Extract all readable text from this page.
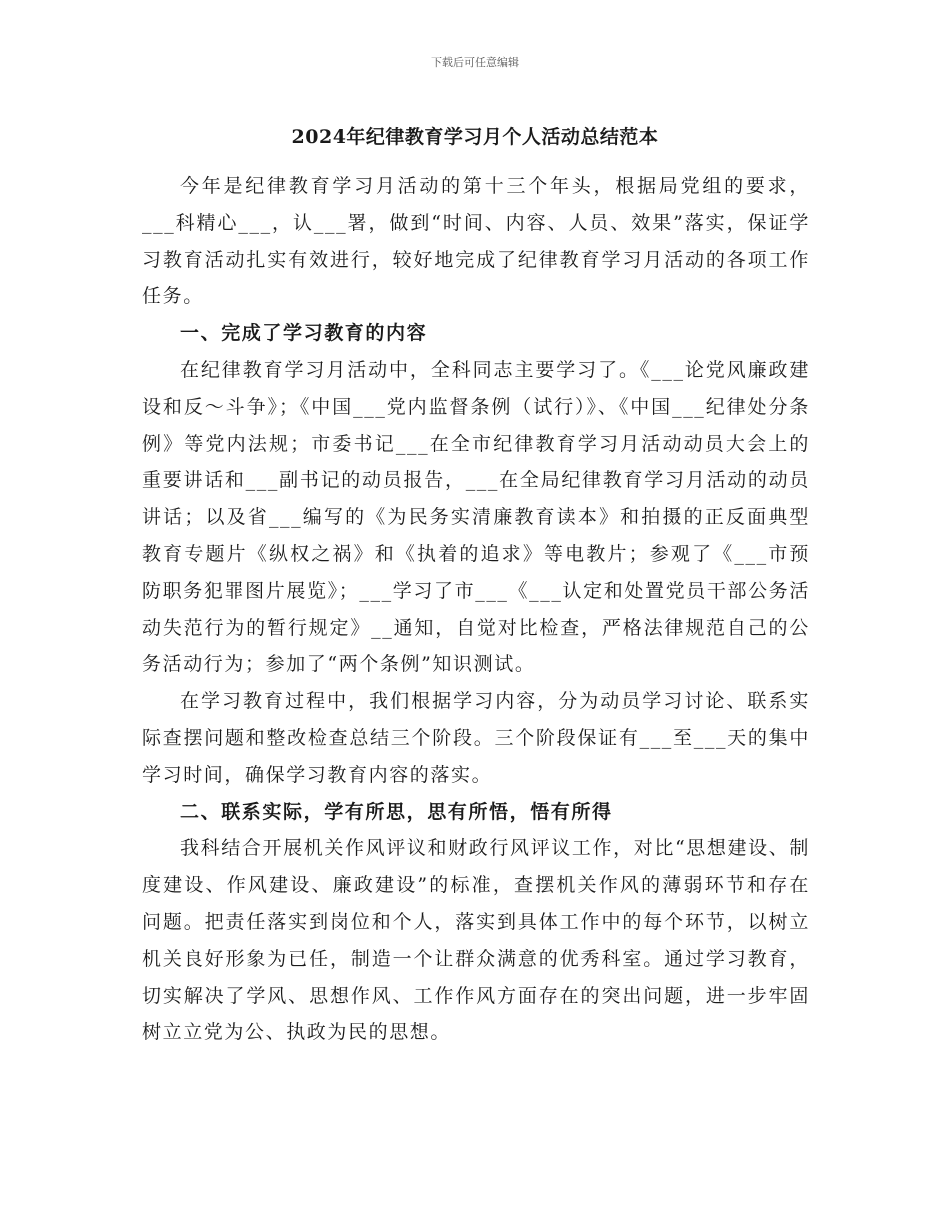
下载后可任意编辑
2024年纪律教育学习月个人活动总结范本

今年是纪律教育学习月活动的第十三个年头，根据局党组的要求，___科精心___，认___署，做到“时间、内容、人员、效果”落实，保证学习教育活动扎实有效进行，较好地完成了纪律教育学习月活动的各项工作任务。

一、完成了学习教育的内容

在纪律教育学习月活动中，全科同志主要学习了。《___论党风廉政建设和反～斗争》；《中国___党内监督条例（试行）》、《中国___纪律处分条例》等党内法规；市委书记___在全市纪律教育学习月活动动员大会上的重要讲话和___副书记的动员报告，___在全局纪律教育学习月活动的动员讲话；以及省___编写的《为民务实清廉教育读本》和拍摄的正反面典型教育专题片《纵权之祸》和《执着的追求》等电教片；参观了《___市预防职务犯罪图片展览》；___学习了市___《___认定和处置党员干部公务活动失范行为的暂行规定》__通知，自觉对比检查，严格法律规范自己的公务活动行为；参加了“两个条例”知识测试。

在学习教育过程中，我们根据学习内容，分为动员学习讨论、联系实际查摆问题和整改检查总结三个阶段。三个阶段保证有___至___天的集中学习时间，确保学习教育内容的落实。

二、联系实际，学有所思，思有所悟，悟有所得

我科结合开展机关作风评议和财政行风评议工作，对比“思想建设、制度建设、作风建设、廉政建设”的标准，查摆机关作风的薄弱环节和存在问题。把责任落实到岗位和个人，落实到具体工作中的每个环节，以树立机关良好形象为已任，制造一个让群众满意的优秀科室。通过学习教育，切实解决了学风、思想作风、工作作风方面存在的突出问题，进一步牢固树立立党为公、执政为民的思想。
